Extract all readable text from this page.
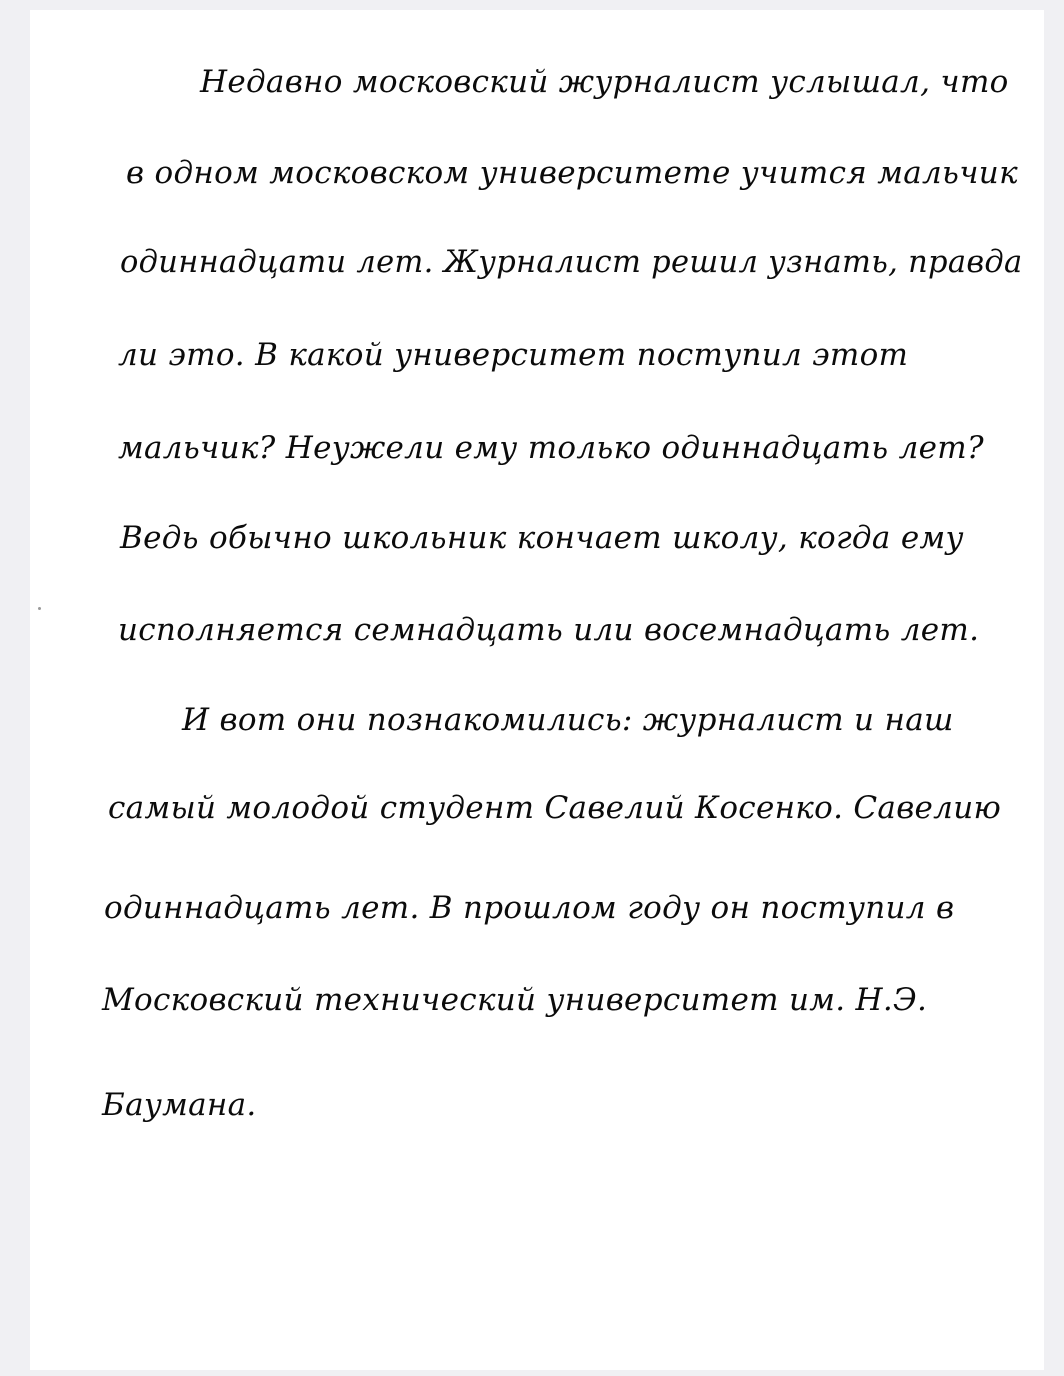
Недавно московский журналист услышал, что

в одном московском университете учится мальчик

одиннадцати лет. Журналист решил узнать, правда

ли это. В какой университет поступил этот

мальчик? Неужели ему только одиннадцать лет?

Ведь обычно школьник кончает школу, когда ему

исполняется семнадцать или восемнадцать лет.

И вот они познакомились: журналист и наш

самый молодой студент Савелий Косенко. Савелию

одиннадцать лет. В прошлом году он поступил в

Московский технический университет им. Н.Э.

Баумана.
